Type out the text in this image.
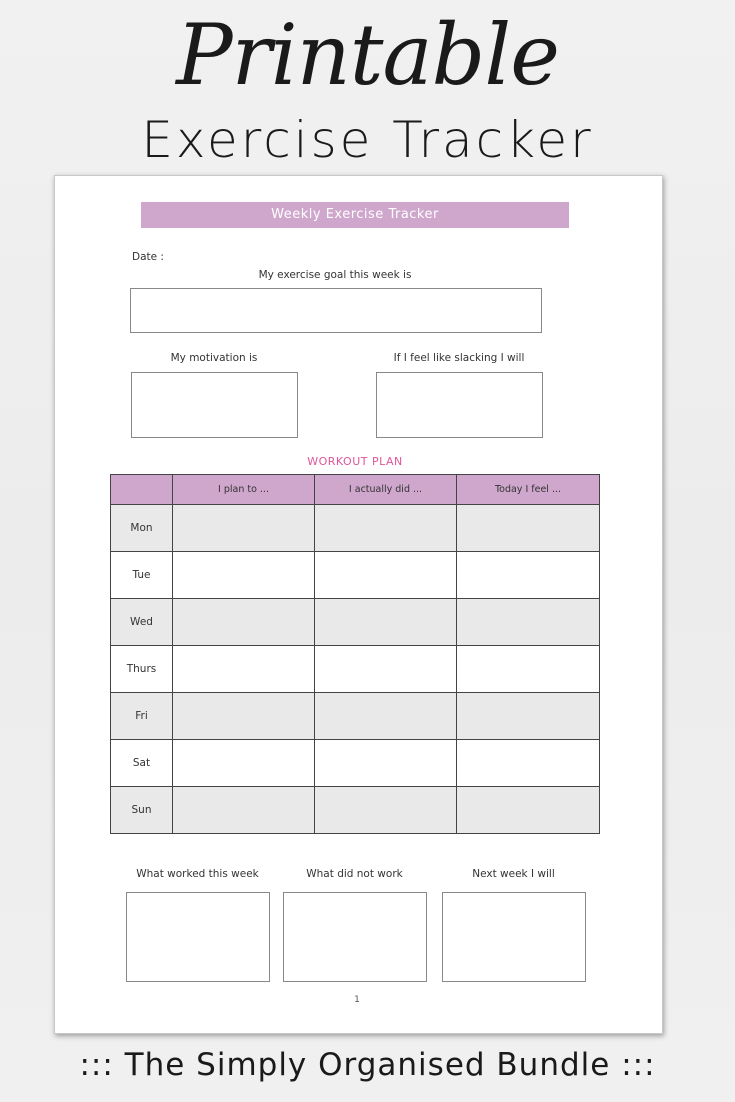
Printable
Exercise Tracker
Weekly Exercise Tracker
Date :
My exercise goal this week is
My motivation is	If I feel like slacking I will
WORKOUT PLAN
	I plan to ...	I actually did ...	Today I feel ...
Mon			
Tue			
Wed			
Thurs			
Fri			
Sat			
Sun			
What worked this week	What did not work	Next week I will
1
::: The Simply Organised Bundle :::
